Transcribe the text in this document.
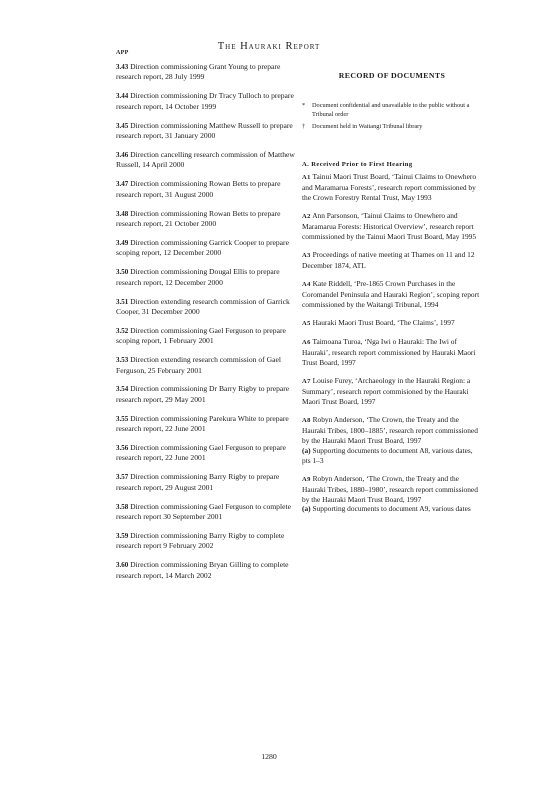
APP
The Hauraki Report
3.43 Direction commissioning Grant Young to prepare research report, 28 July 1999
3.44 Direction commissioning Dr Tracy Tulloch to prepare research report, 14 October 1999
3.45 Direction commissioning Matthew Russell to prepare research report, 31 January 2000
3.46 Direction cancelling research commission of Matthew Russell, 14 April 2000
3.47 Direction commissioning Rowan Betts to prepare research report, 31 August 2000
3.48 Direction commissioning Rowan Betts to prepare research report, 21 October 2000
3.49 Direction commissioning Garrick Cooper to prepare scoping report, 12 December 2000
3.50 Direction commissioning Dougal Ellis to prepare research report, 12 December 2000
3.51 Direction extending research commission of Garrick Cooper, 31 December 2000
3.52 Direction commissioning Gael Ferguson to prepare scoping report, 1 February 2001
3.53 Direction extending research commission of Gael Ferguson, 25 February 2001
3.54 Direction commissioning Dr Barry Rigby to prepare research report, 29 May 2001
3.55 Direction commissioning Parekura White to prepare research report, 22 June 2001
3.56 Direction commissioning Gael Ferguson to prepare research report, 22 June 2001
3.57 Direction commissioning Barry Rigby to prepare research report, 29 August 2001
3.58 Direction commissioning Gael Ferguson to complete research report 30 September 2001
3.59 Direction commissioning Barry Rigby to complete research report 9 February 2002
3.60 Direction commissioning Bryan Gilling to complete research report, 14 March 2002
RECORD OF DOCUMENTS
* Document confidential and unavailable to the public without a Tribunal order
† Document held in Waitangi Tribunal library
A. Received Prior to First Hearing
A1 Tainui Maori Trust Board, ‘Tainui Claims to Onewhero and Maramarua Forests’, research report commissioned by the Crown Forestry Rental Trust, May 1993
A2 Ann Parsonson, ‘Tainui Claims to Onewhero and Maramarua Forests: Historical Overview’, research report commissioned by the Tainui Maori Trust Board, May 1995
A3 Proceedings of native meeting at Thames on 11 and 12 December 1874, ATL
A4 Kate Riddell, ‘Pre-1865 Crown Purchases in the Coromandel Peninsula and Hauraki Region’, scoping report commissioned by the Waitangi Tribunal, 1994
A5 Hauraki Maori Trust Board, ‘The Claims’, 1997
A6 Taimoana Turoa, ‘Nga Iwi o Hauraki: The Iwi of Hauraki’, research report commissioned by Hauraki Maori Trust Board, 1997
A7 Louise Furey, ‘Archaeology in the Hauraki Region: a Summary’, research report commisioned by the Hauraki Maori Trust Board, 1997
A8 Robyn Anderson, ‘The Crown, the Treaty and the Hauraki Tribes, 1800–1885’, research report commissioned by the Hauraki Maori Trust Board, 1997
(a) Supporting documents to document A8, various dates, pts 1–3
A9 Robyn Anderson, ‘The Crown, the Treaty and the Hauraki Tribes, 1880–1980’, research report commissioned by the Hauraki Maori Trust Board, 1997
(a) Supporting documents to document A9, various dates
1280
